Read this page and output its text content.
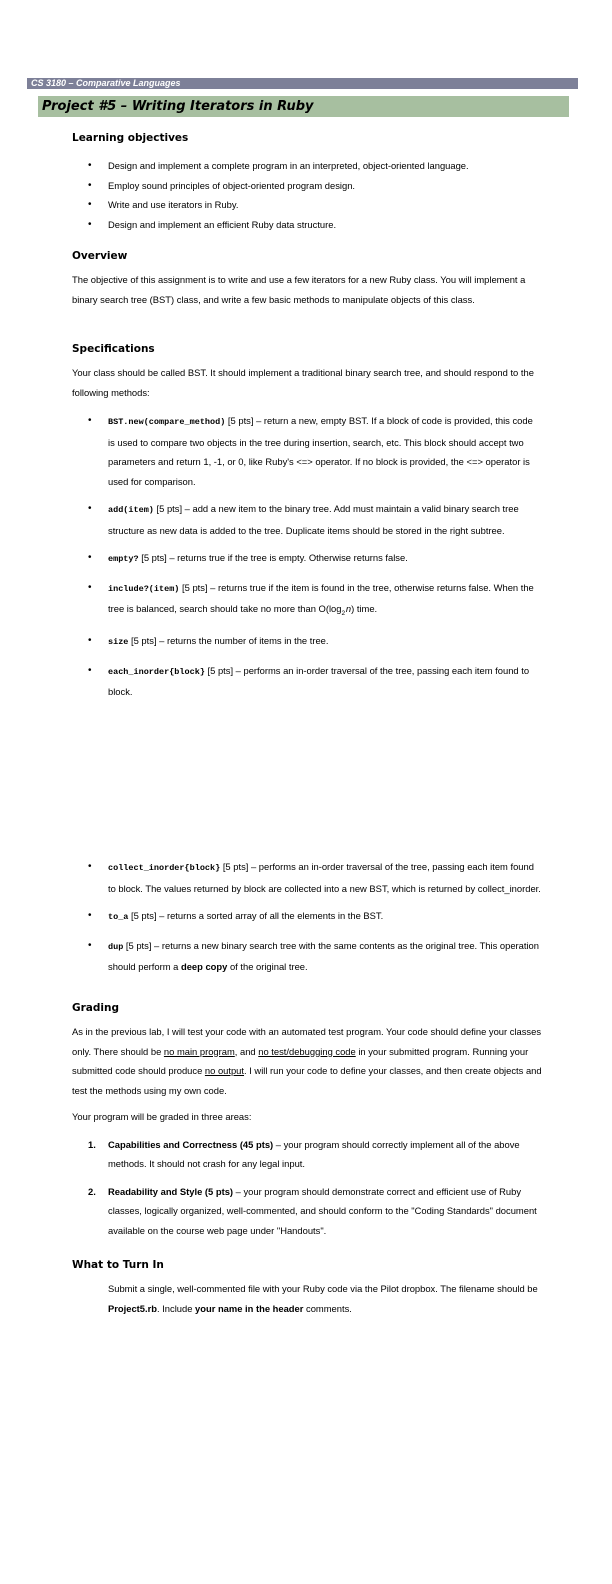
CS 3180 – Comparative Languages
Project #5 – Writing Iterators in Ruby
Learning objectives
• Design and implement a complete program in an interpreted, object-oriented language.
• Employ sound principles of object-oriented program design.
• Write and use iterators in Ruby.
• Design and implement an efficient Ruby data structure.
Overview

The objective of this assignment is to write and use a few iterators for a new Ruby class. You will implement a binary search tree (BST) class, and write a few basic methods to manipulate objects of this class.

Specifications

Your class should be called BST. It should implement a traditional binary search tree, and should respond to the following methods:

• BST.new(compare_method) [5 pts] – return a new, empty BST. If a block of code is provided, this code is used to compare two objects in the tree during insertion, search, etc. This block should accept two parameters and return 1, -1, or 0, like Ruby's <=> operator. If no block is provided, the <=> operator is used for comparison.
• add(item) [5 pts] – add a new item to the binary tree. Add must maintain a valid binary search tree structure as new data is added to the tree. Duplicate items should be stored in the right subtree.
• empty? [5 pts] – returns true if the tree is empty. Otherwise returns false.
• include?(item) [5 pts] – returns true if the item is found in the tree, otherwise returns false. When the tree is balanced, search should take no more than $O(\log_2$ n) time.
• size [5 pts] – returns the number of items in the tree.
• each_inorder{block} [5 pts] – performs an in-order traversal of the tree, passing each item found to block.
• collect_inorder{block} [5 pts] – performs an in-order traversal of the tree, passing each item found to block. The values returned by block are collected into a new BST, which is returned by collect_inorder.
• to_a [5 pts] – returns a sorted array of all the elements in the BST.
• dup [5 pts] – returns a new binary search tree with the same contents as the original tree. This operation should perform a deep copy of the original tree.
Grading

As in the previous lab, I will test your code with an automated test program. Your code should define your classes only. There should be no main program, and no test/debugging code in your submitted program. Running your submitted code should produce no output. I will run your code to define your classes, and then create objects and test the methods using my own code.

Your program will be graded in three areas:

1. Capabilities and Correctness (45 pts) – your program should correctly implement all of the above methods. It should not crash for any legal input.
2. Readability and Style (5 pts) – your program should demonstrate correct and efficient use of Ruby classes, logically organized, well-commented, and should conform to the "Coding Standards" document available on the course web page under "Handouts".
What to Turn In

Submit a single, well-commented file with your Ruby code via the Pilot dropbox. The filename should be Project5.rb. Include your name in the header comments.
